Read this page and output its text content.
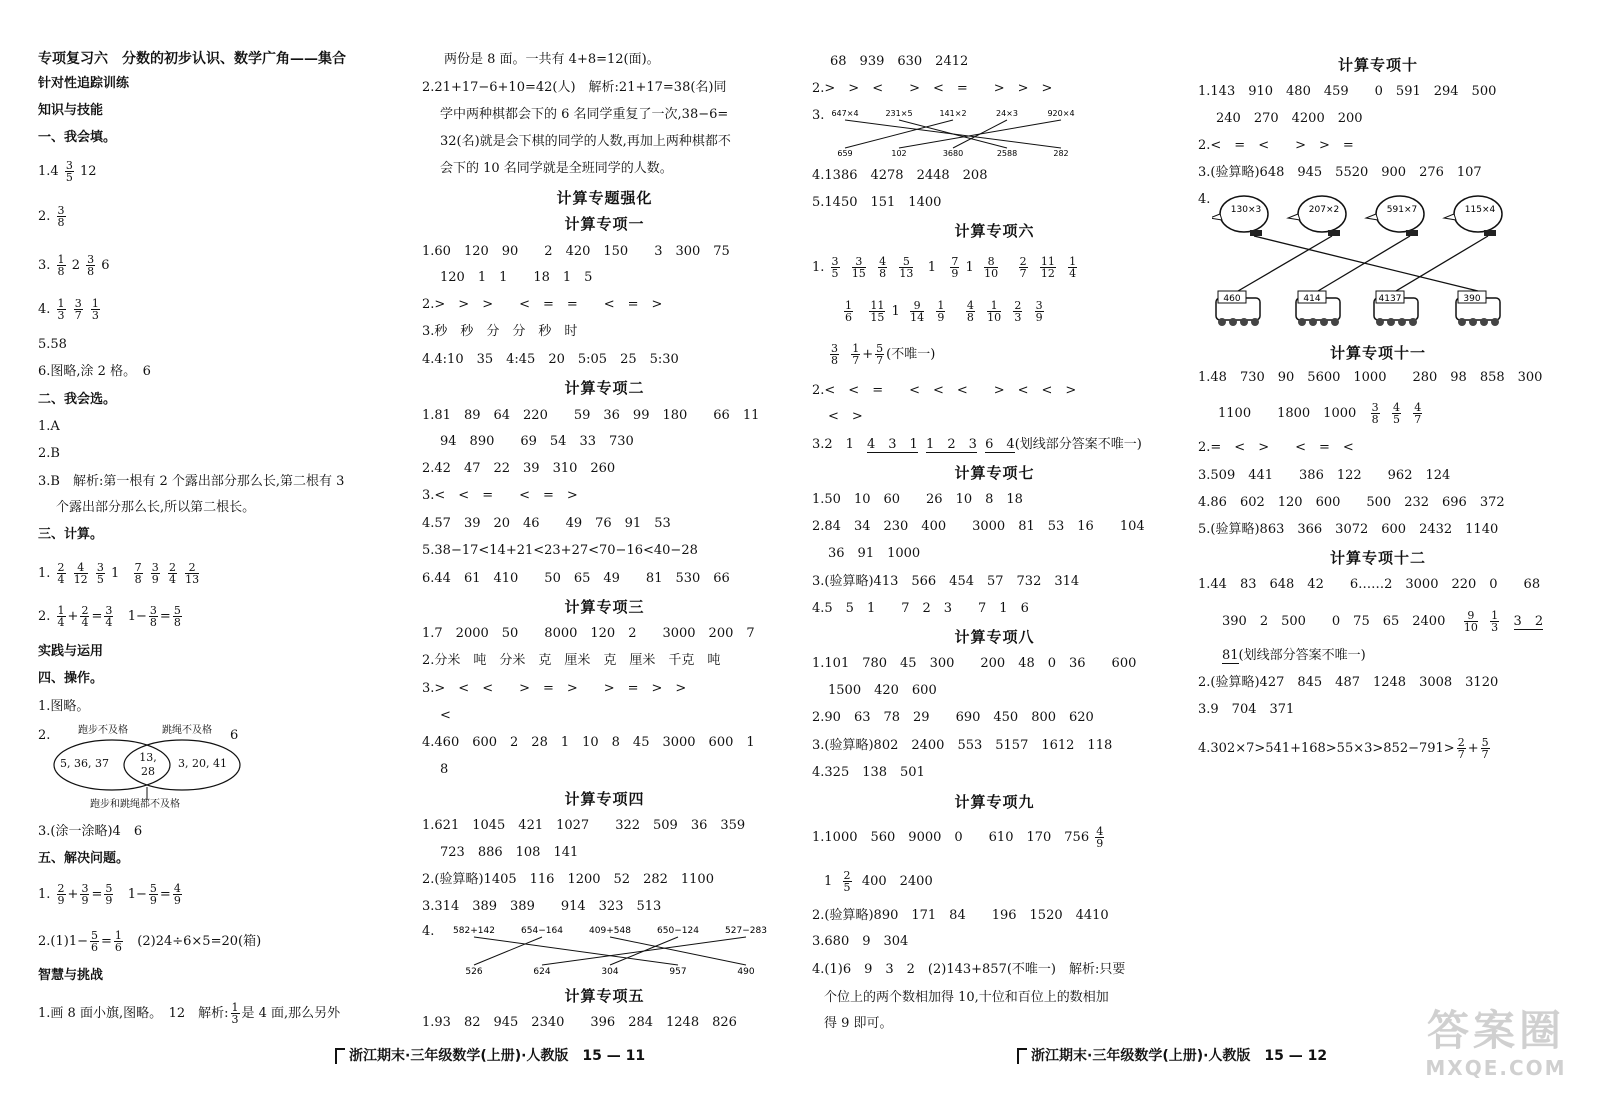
专项复习六　分数的初步认识、数学广角——集合
针对性追踪训练
知识与技能
一、我会填。
$1.4 \frac{3}{5} 12$
2. $\frac{3}{8}$
3. $\frac{1}{8} 2 \frac{3}{8} 6$
4. $\frac{1}{3}$
$\frac{3}{7}$
$\frac{1}{3}$
5.58
6.图略,涂 2 格。　6
二、我会选。
1.A
2.B
3.B　解析:第一根有 2 个露出部分那么长,第二根有 3
个露出部分那么长,所以第二根长。
三、计算。
1. $\frac{2}{4}$
$\frac{4}{12}$
$\frac{3}{5} 1 \frac{7}{8}$
$\frac{3}{9}$
$\frac{2}{4}$
$\frac{2}{13}$
2. $\frac{1}{4} + \frac{2}{4} = \frac{3}{4} 1- \frac{3}{8} = \frac{5}{8}$
实践与运用
四、操作。
1.图略。
2.	跑步不及格	跳绳不及格
5, 36, 37	13, 28
3, 20, 41
跑步和跳绳都不及格
6
3.(涂一涂略)4　6
五、解决问题。
1. $\frac{2}{9} + \frac{3}{9} = \frac{5}{9} 1- \frac{5}{9} = \frac{4}{9}$
$2.(1)1- \frac{5}{6} = \frac{1}{6} (2)24\div 6\times 5=20$(箱)
智慧与挑战
1.画 8 面小旗,图略。　12　解析: $\frac{1}{3}$ 是 4 面,那么另外
两份是 8 面。一共有 4+8=12(面)。
2.21+17−6+10=42(人)　解析:21+17=38(名)同
学中两种棋都会下的 6 名同学重复了一次,38−6=
32(名)就是会下棋的同学的人数,再加上两种棋都不
会下的 10 名同学就是全班同学的人数。
计算专题强化
计算专项一
1.60　120　90　　2　420　150　　3　300　75
120　1　1　　18　1　5
2.>　>　>　　<　=　=　　<　=　>
3.秒　秒　分　分　秒　时
4.4:10　35　4:45　20　5:05　25　5:30
计算专项二
1.81　89　64　220　　59　36　99　180　　66　11
94　890　　69　54　33　730
2.42　47　22　39　310　260
3.<　<　=　　<　=　>
4.57　39　20　46　　49　76　91　53
5.38−17<14+21<23+27<70−16<40−28
6.44　61　410　　50　65　49　　81　530　66
计算专项三
1.7　2000　50　　8000　120　2　　3000　200　7
2.分米　吨　分米　克　厘米　克　厘米　千克　吨
3.>　<　<　　>　=　>　　>　=　>　>
<
4.460　600　2　28　1　10　8　45　3000　600　1
8
计算专项四
1.621　1045　421　1027　　322　509　36　359
723　886　108　141
2.(验算略)1405　116　1200　52　282　1100
3.314　389　389　　914　323　513
4. 582+142	654−164	409+548	650−124	527−283
526	624	304	957	490
计算专项五
1.93　82　945　2340　　396　284　1248　826
68　939　630　2412
2.>　>　<　　>　<　=　　>　>　>
3. 647×4	231×5	141×2	24×3	920×4
659	102	3680	2588	282
4.1386　4278　2448　208
5.1450　151　1400
计算专项六
1. $\frac{3}{5}$
$\frac{3}{15}$
$\frac{4}{8}$
$\frac{5}{13} 1 \frac{7}{9} 1 \frac{8}{10}$
$\frac{2}{7}$
$\frac{11}{12}$
$\frac{1}{4}$
$\frac{1}{6}$
$\frac{11}{15} 1 \frac{9}{14}$
$\frac{1}{9}$
$\frac{4}{8}$
$\frac{1}{10}$
$\frac{2}{3}$
$\frac{3}{9}$
$\frac{3}{8}$
$\frac{1}{7} + \frac{5}{7}$ (不唯一)
2.<　<　=　　<　<　<　　>　<　<　>
<　>
3.2　1　4　3　1 1　2　3 6　4(划线部分答案不唯一)
计算专项七
1.50　10　60　　26　10　8　18
2.84　34　230　400　　3000　81　53　16　　104
36　91　1000
3.(验算略)413　566　454　57　732　314
4.5　5　1　　7　2　3　　7　1　6
计算专项八
1.101　780　45　300　　200　48　0　36　　600
1500　420　600
2.90　63　78　29　　690　450　800　620
3.(验算略)802　2400　553　5157　1612　118
4.325　138　501
计算专项九
1.1000　560　9000　0　　610　170　$756 \frac{4}{9}$
$1 \frac{2}{5} 400$　2400
2.(验算略)890　171　84　　196　1520　4410
3.680　9　304
4.(1)6　9　3　2　(2)143+857(不唯一)　解析:只要
个位上的两个数相加得 10,十位和百位上的数相加
得 9 即可。
计算专项十
1.143　910　480　459　　0　591　294　500
240　270　4200　200
2.<　=　<　　>　>　=
3.(验算略)648　945　5520　900　276　107
4.
130×3	207×2	591×7	115×4
460	414	4137	390
计算专项十一
1.48　730　90　5600　1000　　280　98　858　300
1100　　1800　$1000 \frac{3}{8}$
$\frac{4}{5}$
$\frac{4}{7}$
2.=　<　>　　<　=　<
3.509　441　　386　122　　962　124
4.86　602　120　600　　500　232　696　372
5.(验算略)863　366　3072　600　2432　1140
计算专项十二
1.44　83　648　42　　6……2　3000　220　0　　68
390　2　500　　0　75　65　$2400 \frac{9}{10}$
$\frac{1}{3} 3$　2
81(划线部分答案不唯一)
2.(验算略)427　845　487　1248　3008　3120
3.9　704　371
$4.302\times 7>541+168>55\times 3>852-791> \frac{2}{7} + \frac{5}{7}$
浙江期末·三年级数学(上册)·人教版　15 — 11	浙江期末·三年级数学(上册)·人教版　15 — 12
答案圈
MXQE.COM
